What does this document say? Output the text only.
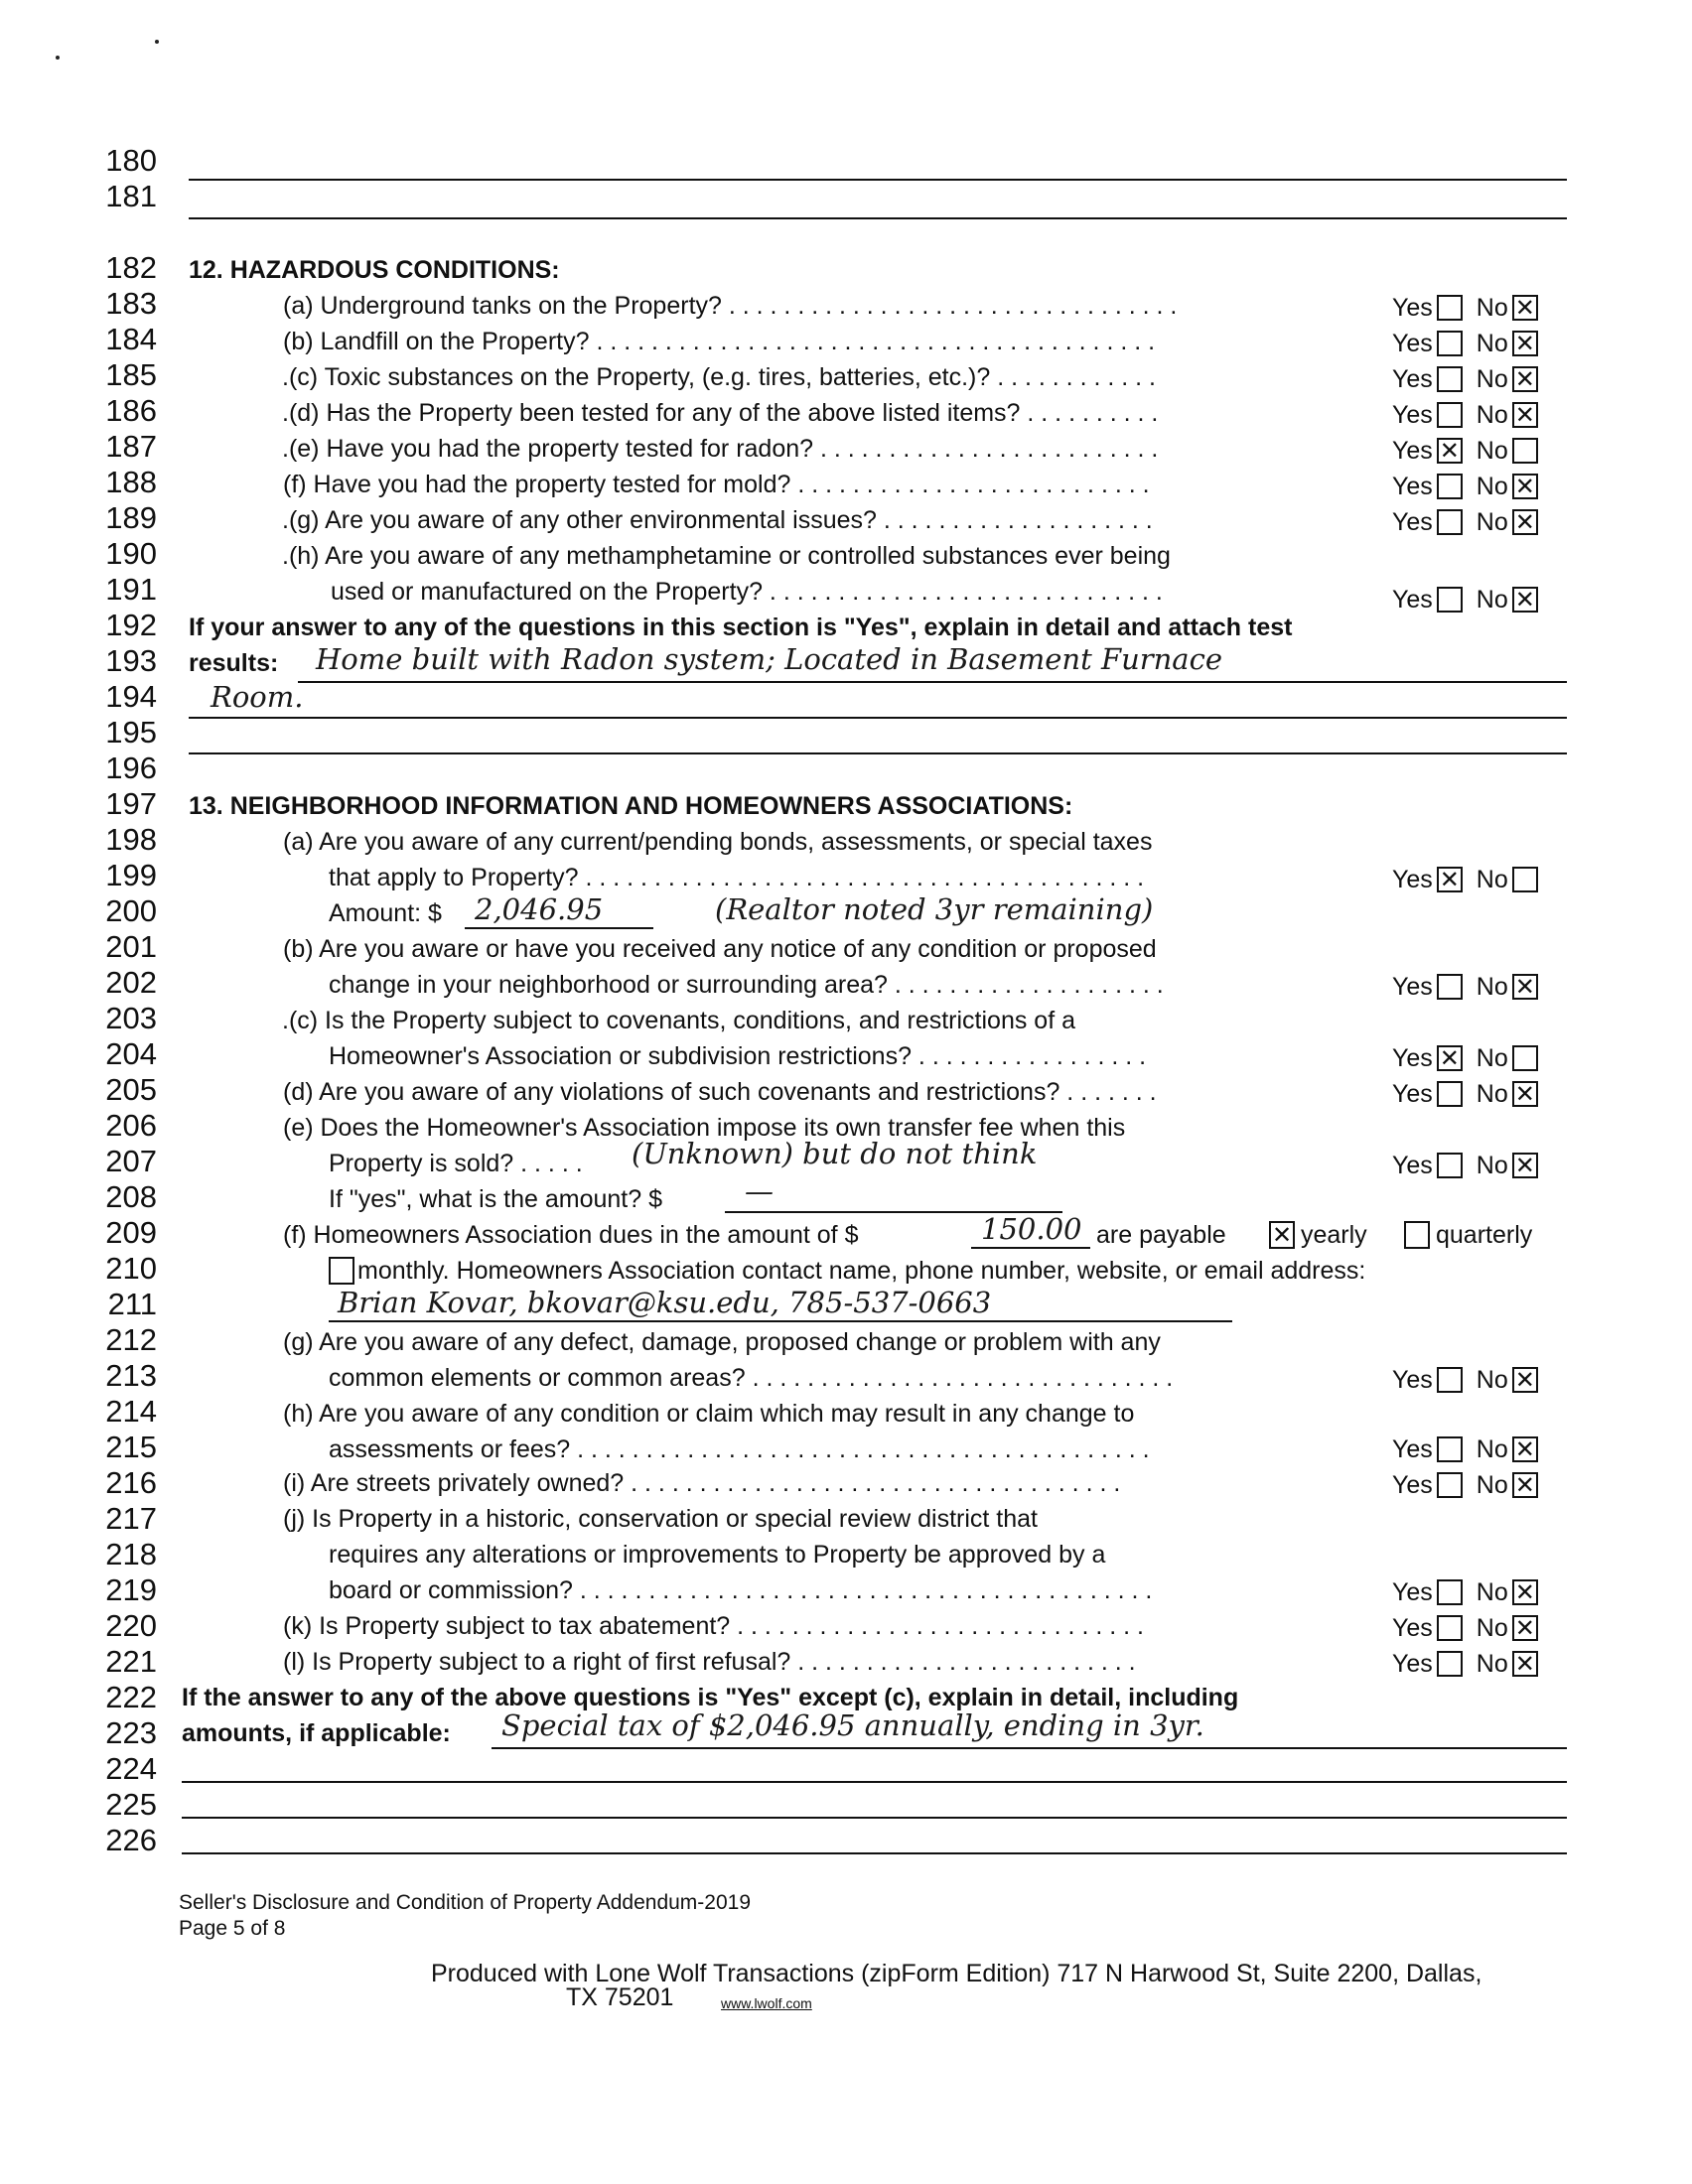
180
181
182
183
184
185
186
187
188
189
190
191
192
193
194
195
196
197
198
199
200
201
202
203
204
205
206
207
208
209
210
211
212
213
214
215
216
217
218
219
220
221
222
223
224
225
226
12. HAZARDOUS CONDITIONS:
(a) Underground tanks on the Property? . . . . . . . . . . . . . . . . . . . . . . . . . . . . . . . . .	Yes No✕
(b) Landfill on the Property? . . . . . . . . . . . . . . . . . . . . . . . . . . . . . . . . . . . . . . . . .	Yes No✕
.(c) Toxic substances on the Property, (e.g. tires, batteries, etc.)? . . . . . . . . . . . .	Yes No✕
.(d) Has the Property been tested for any of the above listed items? . . . . . . . . . .	Yes No✕
.(e) Have you had the property tested for radon? . . . . . . . . . . . . . . . . . . . . . . . . .	Yes ✕ No
(f) Have you had the property tested for mold? . . . . . . . . . . . . . . . . . . . . . . . . . .	Yes No✕
.(g) Are you aware of any other environmental issues? . . . . . . . . . . . . . . . . . . . .	Yes No✕
.(h) Are you aware of any methamphetamine or controlled substances ever being
used or manufactured on the Property? . . . . . . . . . . . . . . . . . . . . . . . . . . . . .	Yes No✕
If your answer to any of the questions in this section is "Yes", explain in detail and attach test
results: Home built with Radon system; Located in Basement Furnace
Room.
13. NEIGHBORHOOD INFORMATION AND HOMEOWNERS ASSOCIATIONS:
(a) Are you aware of any current/pending bonds, assessments, or special taxes
that apply to Property? . . . . . . . . . . . . . . . . . . . . . . . . . . . . . . . . . . . . . . . . .	Yes ✕ No
Amount: $ 2,046.95	(Realtor noted 3yr remaining)
(b) Are you aware or have you received any notice of any condition or proposed
change in your neighborhood or surrounding area? . . . . . . . . . . . . . . . . . . . .	Yes No✕
.(c) Is the Property subject to covenants, conditions, and restrictions of a
Homeowner's Association or subdivision restrictions? . . . . . . . . . . . . . . . . .	Yes ✕ No
(d) Are you aware of any violations of such covenants and restrictions? . . . . . . .	Yes No✕
(e) Does the Homeowner's Association impose its own transfer fee when this
Property is sold? . . . . . (Unknown) but do not think	Yes No✕
If "yes", what is the amount? $	—
(f) Homeowners Association dues in the amount of $	150.00 are payable ✕	yearly	quarterly
monthly. Homeowners Association contact name, phone number, website, or email address:
Brian Kovar, bkovar@ksu.edu, 785-537-0663
(g) Are you aware of any defect, damage, proposed change or problem with any
common elements or common areas? . . . . . . . . . . . . . . . . . . . . . . . . . . . . . . .	Yes No✕
(h) Are you aware of any condition or claim which may result in any change to
assessments or fees? . . . . . . . . . . . . . . . . . . . . . . . . . . . . . . . . . . . . . . . . . .	Yes No✕
(i) Are streets privately owned? . . . . . . . . . . . . . . . . . . . . . . . . . . . . . . . . . . . .	Yes No✕
(j) Is Property in a historic, conservation or special review district that
requires any alterations or improvements to Property be approved by a
board or commission? . . . . . . . . . . . . . . . . . . . . . . . . . . . . . . . . . . . . . . . . . .	Yes No✕
(k) Is Property subject to tax abatement? . . . . . . . . . . . . . . . . . . . . . . . . . . . . . .	Yes No✕
(l) Is Property subject to a right of first refusal? . . . . . . . . . . . . . . . . . . . . . . . . .	Yes No✕
If the answer to any of the above questions is "Yes" except (c), explain in detail, including
amounts, if applicable: Special tax of $2,046.95 annually, ending in 3yr.
Seller's Disclosure and Condition of Property Addendum-2019
Page 5 of 8
Produced with Lone Wolf Transactions (zipForm Edition) 717 N Harwood St, Suite 2200, Dallas,
TX 75201	www.lwolf.com
